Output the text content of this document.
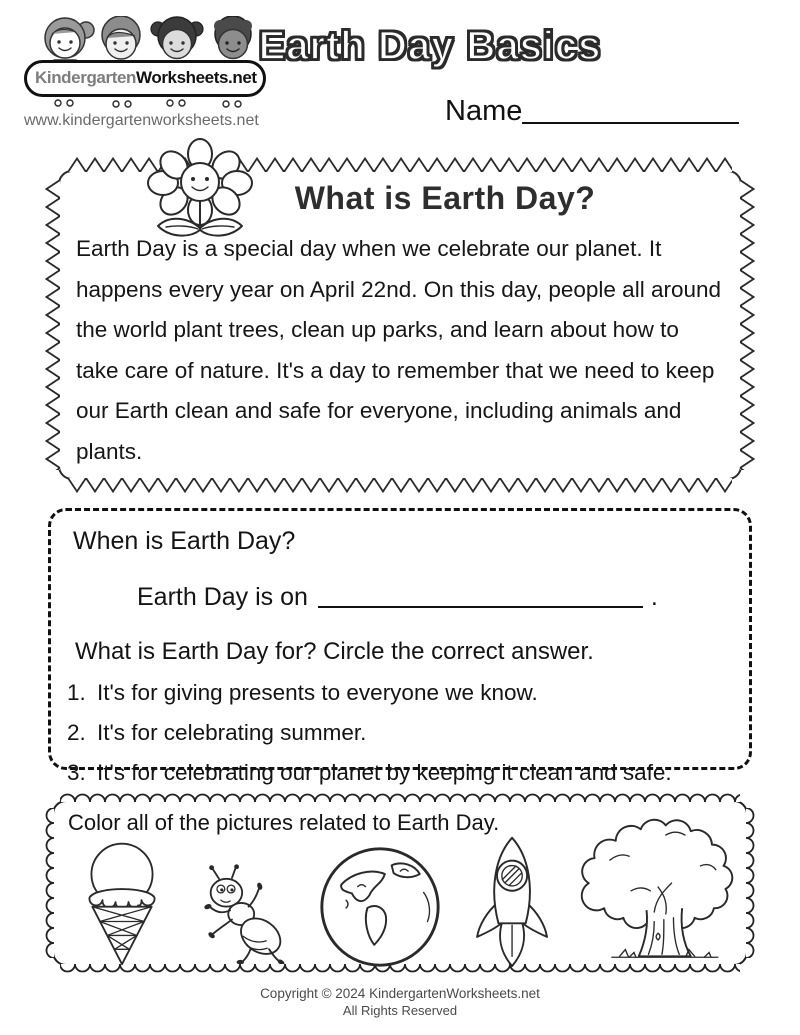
KindergartenWorksheets.net
www.kindergartenworksheets.net
Earth Day Basics
Name
What is Earth Day?
Earth Day is a special day when we celebrate our planet. It happens every year on April 22nd. On this day, people all around the world plant trees, clean up parks, and learn about how to take care of nature. It's a day to remember that we need to keep our Earth clean and safe for everyone, including animals and plants.
When is Earth Day?
Earth Day is on	.
What is Earth Day for? Circle the correct answer.
1. It's for giving presents to everyone we know.
2. It's for celebrating summer.
3. It's for celebrating our planet by keeping it clean and safe.
Color all of the pictures related to Earth Day.
Copyright © 2024 KindergartenWorksheets.net
All Rights Reserved
